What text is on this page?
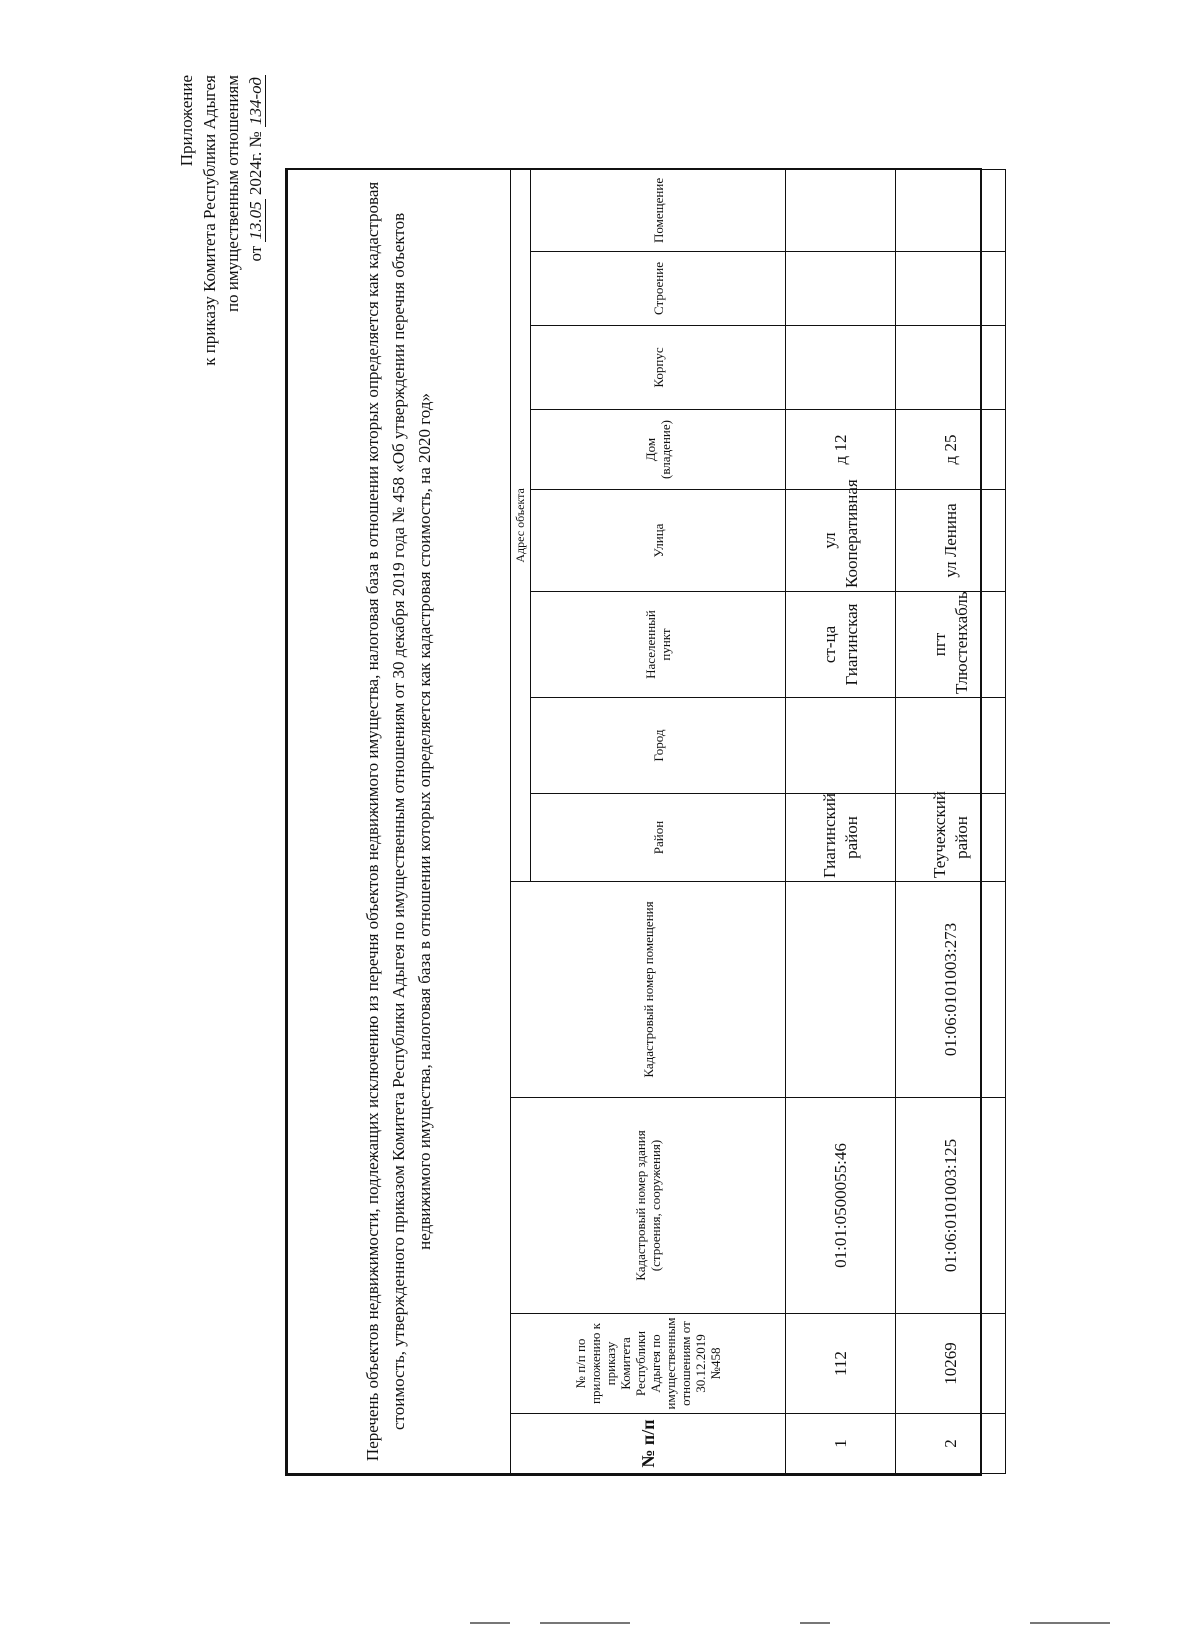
Приложение к приказу Комитета Республики Адыгея по имущественным отношениям от 13.05 2024г. № 134-од
Перечень объектов недвижимости, подлежащих исключению из перечня объектов недвижимого имущества, налоговая база в отношении которых определяется как кадастровая стоимость, утвержденного приказом Комитета Республики Адыгея по имущественным отношениям от 30 декабря 2019 года № 458 «Об утверждении перечня объектов недвижимого имущества, налоговая база в отношении которых определяется как кадастровая стоимость, на 2020 год»											
№ п/п	№ п/п по приложению к приказу Комитета Республики Адыгея по имущественным отношениям от 30.12.2019 №458	Кадастровый номер здания (строения, сооружения)	Кадастровый номер помещения	Адрес объекта							
				Район	Город	Населенный пункт	Улица	Дом (владение)	Корпус	Строение	Помещение
1	112	01:01:0500055:46		Гиагинский район		ст-ца Гиагинская	ул Кооперативная	д 12			
2	10269	01:06:0101003:125	01:06:0101003:273	Теучежский район		пгт Тлюстенхабль	ул Ленина	д 25			
